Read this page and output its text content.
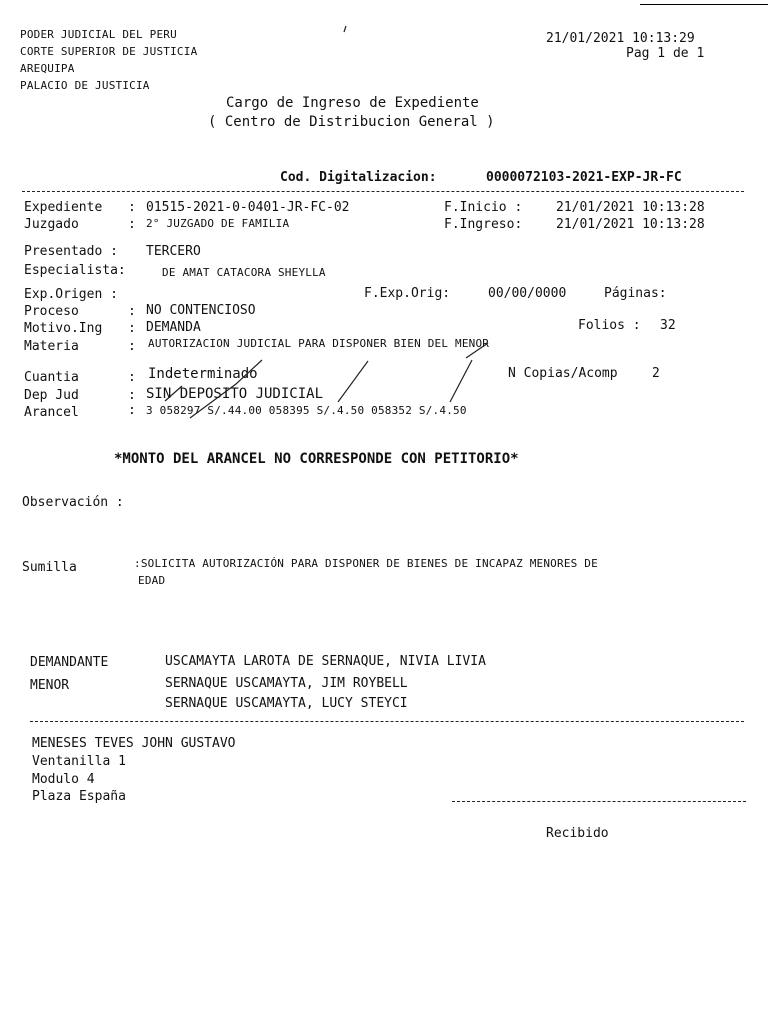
PODER JUDICIAL DEL PERU
CORTE SUPERIOR DE JUSTICIA
AREQUIPA
PALACIO DE JUSTICIA
21/01/2021 10:13:29
Pag 1 de 1
Cargo de Ingreso de Expediente
( Centro de Distribucion General )
Cod. Digitalizacion:	0000072103-2021-EXP-JR-FC
Expediente : 01515-2021-0-0401-JR-FC-02	F.Inicio :	21/01/2021 10:13:28
Juzgado	: 2° JUZGADO DE FAMILIA	F.Ingreso:	21/01/2021 10:13:28
Presentado : TERCERO
Especialista:	DE AMAT CATACORA SHEYLLA
Exp.Origen :	F.Exp.Orig:	00/00/0000	Páginas:
Proceso	: NO CONTENCIOSO
Motivo.Ing : DEMANDA	Folios : 32
Materia	: AUTORIZACION JUDICIAL PARA DISPONER BIEN DEL MENOR
Cuantia	: Indeterminado	N Copias/Acomp	2
Dep Jud	: SIN DEPOSITO JUDICIAL
Arancel	: 3 058297 S/.44.00 058395 S/.4.50 058352 S/.4.50
*MONTO DEL ARANCEL NO CORRESPONDE CON PETITORIO*
Observación :
Sumilla	:SOLICITA AUTORIZACIÓN PARA DISPONER DE BIENES DE INCAPAZ MENORES DE
EDAD
DEMANDANTE	USCAMAYTA LAROTA DE SERNAQUE, NIVIA LIVIA
MENOR	SERNAQUE USCAMAYTA, JIM ROYBELL
SERNAQUE USCAMAYTA, LUCY STEYCI
MENESES TEVES JOHN GUSTAVO
Ventanilla 1
Modulo 4
Plaza España
Recibido
